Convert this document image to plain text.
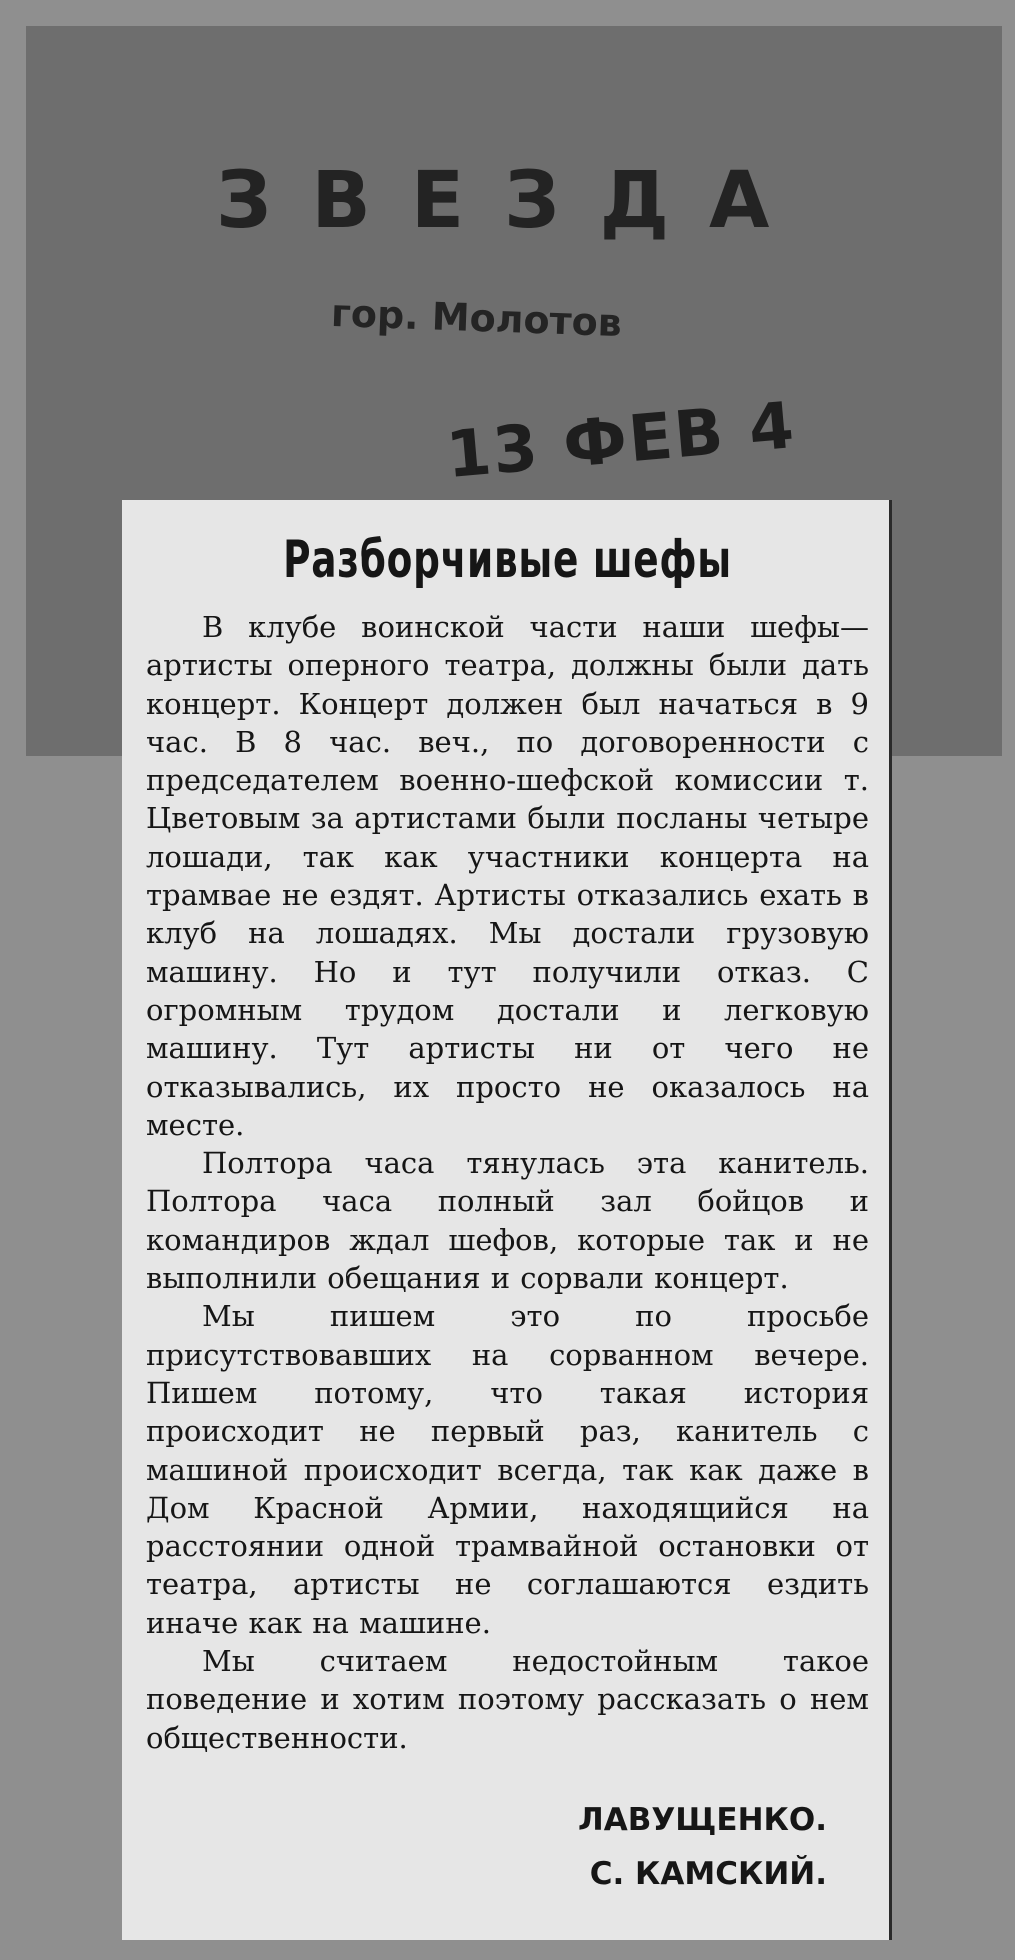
ЗВЕЗДА
гор. Молотов
13 ФЕВ 4
Разборчивые шефы

В клубе воинской части наши шефы—артисты оперного театра, должны были дать концерт. Концерт должен был начаться в 9 час. В 8 час. веч., по договоренности с председателем военно-шефской комиссии т. Цветовым за артистами были посланы четыре лошади, так как участники концерта на трамвае не ездят. Артисты отказались ехать в клуб на лошадях. Мы достали грузовую машину. Но и тут получили отказ. С огромным трудом достали и легковую машину. Тут артисты ни от чего не отказывались, их просто не оказалось на месте.

Полтора часа тянулась эта канитель. Полтора часа полный зал бойцов и командиров ждал шефов, которые так и не выполнили обещания и сорвали концерт.

Мы пишем это по просьбе присутствовавших на сорванном вечере. Пишем потому, что такая история происходит не первый раз, канитель с машиной происходит всегда, так как даже в Дом Красной Армии, находящийся на расстоянии одной трамвайной остановки от театра, артисты не соглашаются ездить иначе как на машине.

Мы считаем недостойным такое поведение и хотим поэтому рассказать о нем общественности.

ЛАВУЩЕНКО.
С. КАМСКИЙ.
